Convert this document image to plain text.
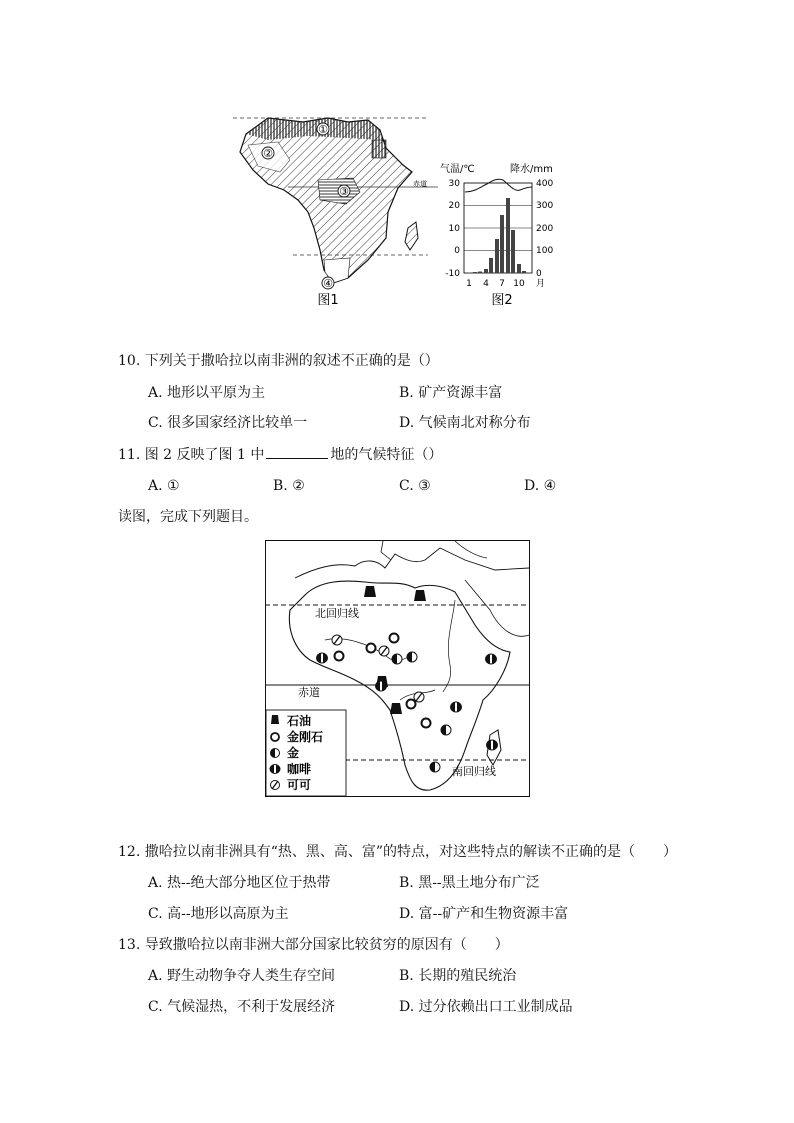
①
②
③
④
赤道
图1
气温/℃	降水/mm
30
20
10
0
-10
400
300
200
100
0
1 4 7 10 月
图2
10. 下列关于撒哈拉以南非洲的叙述不正确的是（）
A. 地形以平原为主	B. 矿产资源丰富
C. 很多国家经济比较单一	D. 气候南北对称分布
11. 图 2 反映了图 1 中	地的气候特征（）
A. ①	B. ②	C. ③	D. ④
读图，完成下列题目。
北回归线
赤道
南回归线
石油
金刚石
金
咖啡
可可
12. 撒哈拉以南非洲具有“热、黑、高、富”的特点，对这些特点的解读不正确的是（　　）
A. 热--绝大部分地区位于热带	B. 黑--黑土地分布广泛
C. 高--地形以高原为主	D. 富--矿产和生物资源丰富
13. 导致撒哈拉以南非洲大部分国家比较贫穷的原因有（　　）
A. 野生动物争夺人类生存空间	B. 长期的殖民统治
C. 气候湿热，不利于发展经济	D. 过分依赖出口工业制成品
